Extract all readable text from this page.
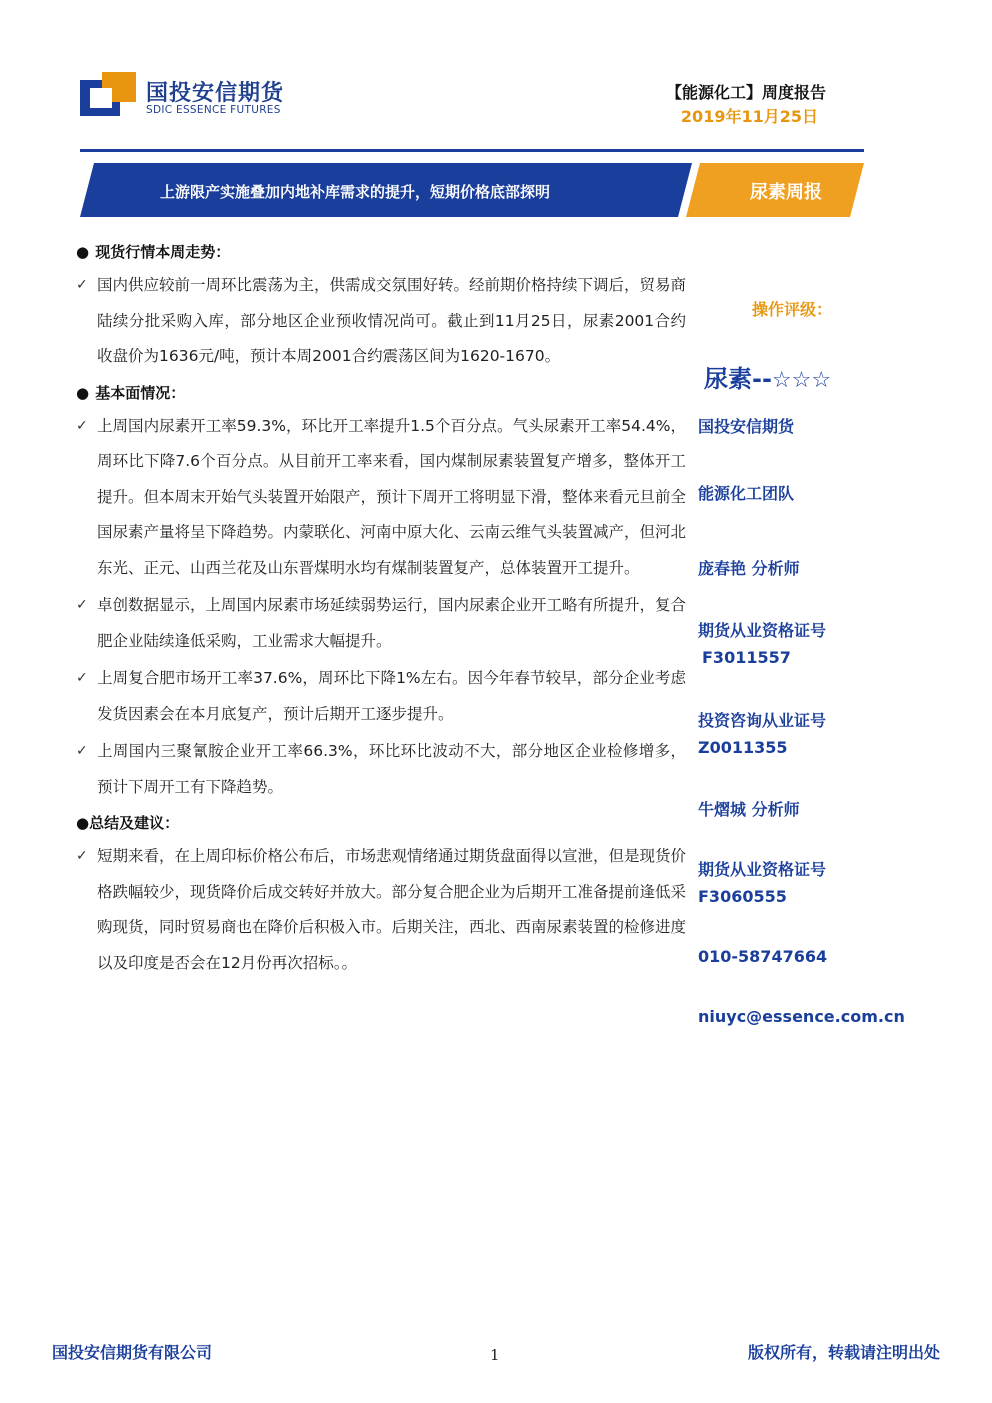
国投安信期货
SDIC ESSENCE FUTURES
【能源化工】周度报告
2019年11月25日
上游限产实施叠加内地补库需求的提升，短期价格底部探明	尿素周报
● 现货行情本周走势：
✓ 国内供应较前一周环比震荡为主，供需成交氛围好转。经前期价格持续下调后，贸易商陆续分批采购入库，部分地区企业预收情况尚可。截止到11月25日，尿素2001合约收盘价为1636元/吨，预计本周2001合约震荡区间为1620-1670。
● 基本面情况：
✓ 上周国内尿素开工率59.3%，环比开工率提升1.5个百分点。气头尿素开工率54.4%，周环比下降7.6个百分点。从目前开工率来看，国内煤制尿素装置复产增多，整体开工提升。但本周末开始气头装置开始限产，预计下周开工将明显下滑，整体来看元旦前全国尿素产量将呈下降趋势。内蒙联化、河南中原大化、云南云维气头装置减产，但河北东光、正元、山西兰花及山东晋煤明水均有煤制装置复产，总体装置开工提升。
✓ 卓创数据显示，上周国内尿素市场延续弱势运行，国内尿素企业开工略有所提升，复合肥企业陆续逢低采购，工业需求大幅提升。
✓ 上周复合肥市场开工率37.6%，周环比下降1%左右。因今年春节较早，部分企业考虑发货因素会在本月底复产，预计后期开工逐步提升。
✓ 上周国内三聚氰胺企业开工率66.3%，环比环比波动不大，部分地区企业检修增多，预计下周开工有下降趋势。
●总结及建议：
✓ 短期来看，在上周印标价格公布后，市场悲观情绪通过期货盘面得以宣泄，但是现货价格跌幅较少，现货降价后成交转好并放大。部分复合肥企业为后期开工准备提前逢低采购现货，同时贸易商也在降价后积极入市。后期关注，西北、西南尿素装置的检修进度以及印度是否会在12月份再次招标。。
操作评级：
尿素--☆☆☆
国投安信期货
能源化工团队
庞春艳 分析师
期货从业资格证号
F3011557
投资咨询从业证号
Z0011355
牛熠城 分析师
期货从业资格证号
F3060555
010-58747664
niuyc@essence.com.cn
国投安信期货有限公司	1	版权所有，转载请注明出处
